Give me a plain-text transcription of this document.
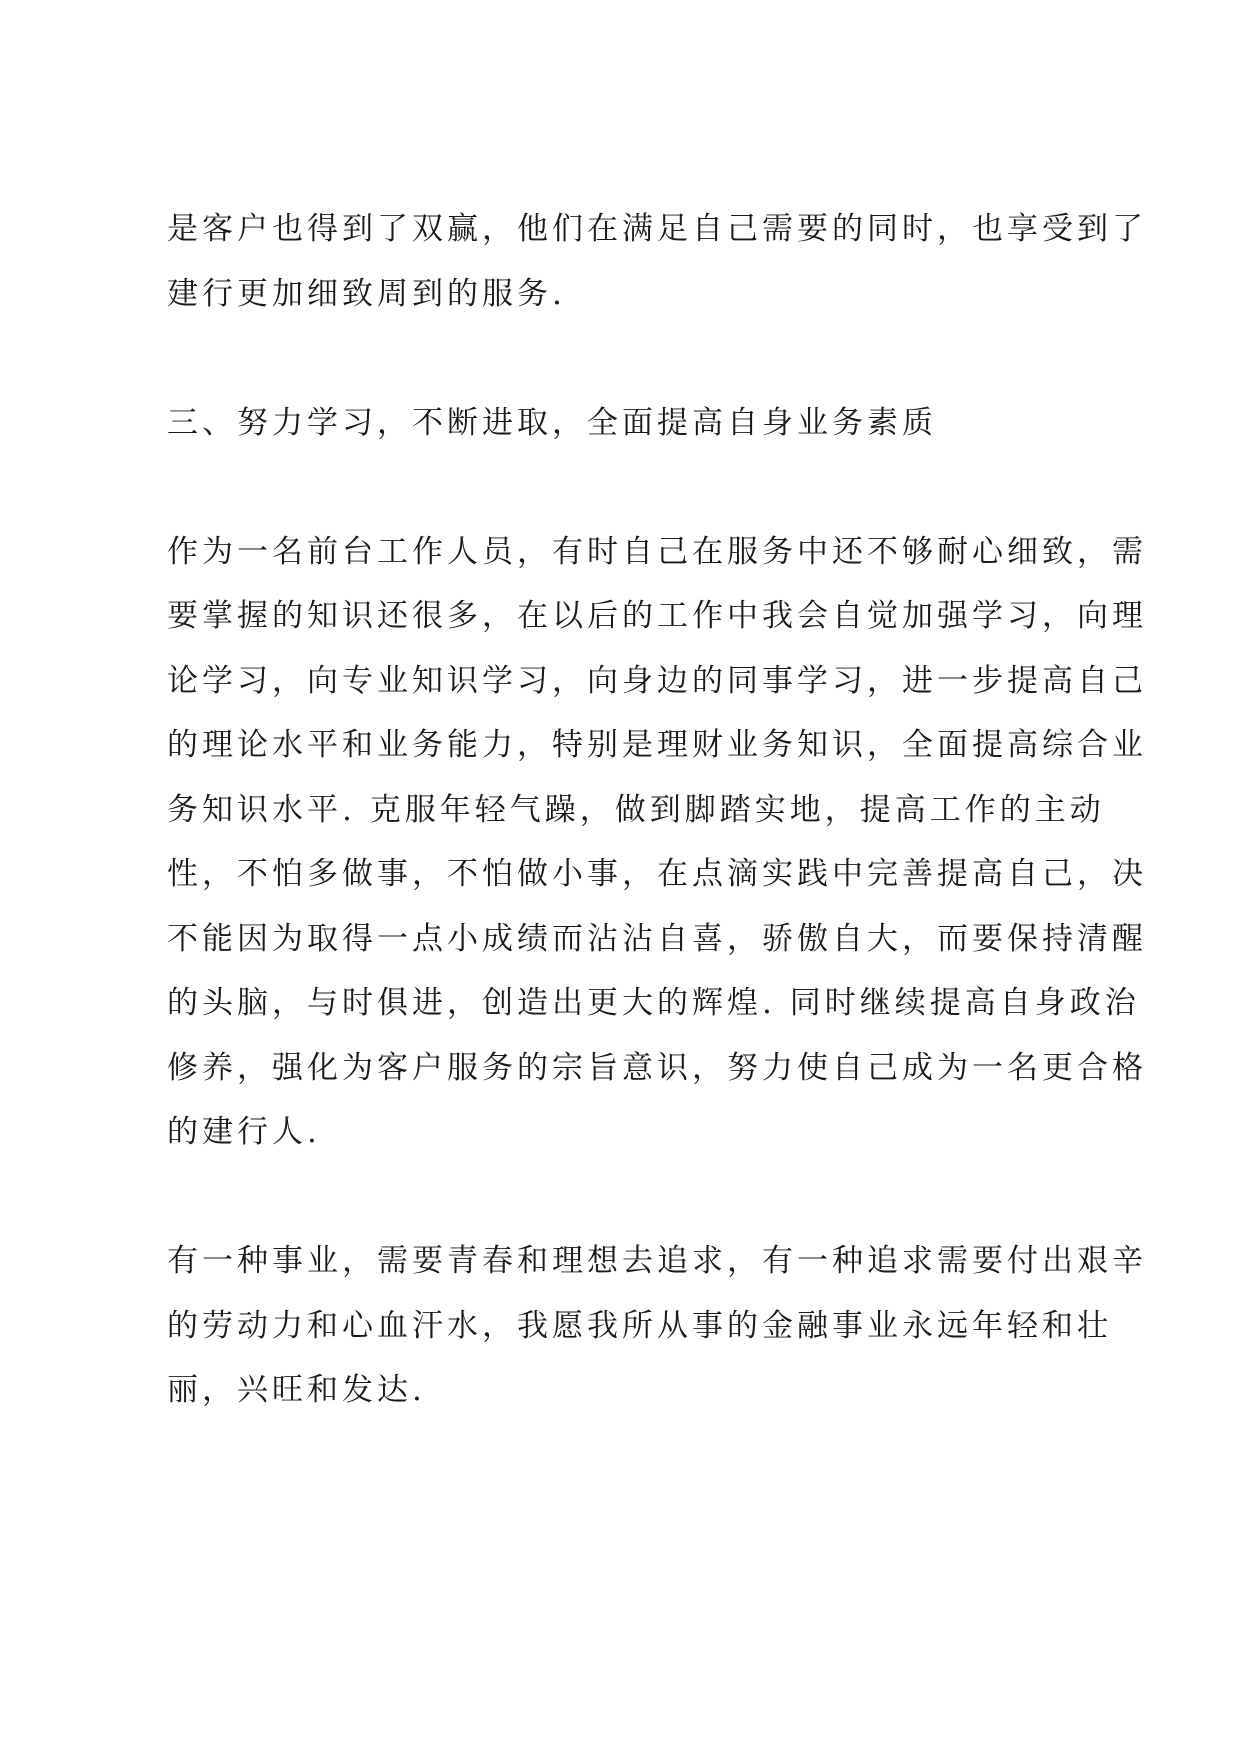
是客户也得到了双赢，他们在满足自己需要的同时，也享受到了
建行更加细致周到的服务.
三、努力学习，不断进取，全面提高自身业务素质
作为一名前台工作人员，有时自己在服务中还不够耐心细致，需
要掌握的知识还很多，在以后的工作中我会自觉加强学习，向理
论学习，向专业知识学习，向身边的同事学习，进一步提高自己
的理论水平和业务能力，特别是理财业务知识，全面提高综合业
务知识水平. 克服年轻气躁，做到脚踏实地，提高工作的主动
性，不怕多做事，不怕做小事，在点滴实践中完善提高自己，决
不能因为取得一点小成绩而沾沾自喜，骄傲自大，而要保持清醒
的头脑，与时俱进，创造出更大的辉煌. 同时继续提高自身政治
修养，强化为客户服务的宗旨意识，努力使自己成为一名更合格
的建行人.
有一种事业，需要青春和理想去追求，有一种追求需要付出艰辛
的劳动力和心血汗水，我愿我所从事的金融事业永远年轻和壮
丽，兴旺和发达.
